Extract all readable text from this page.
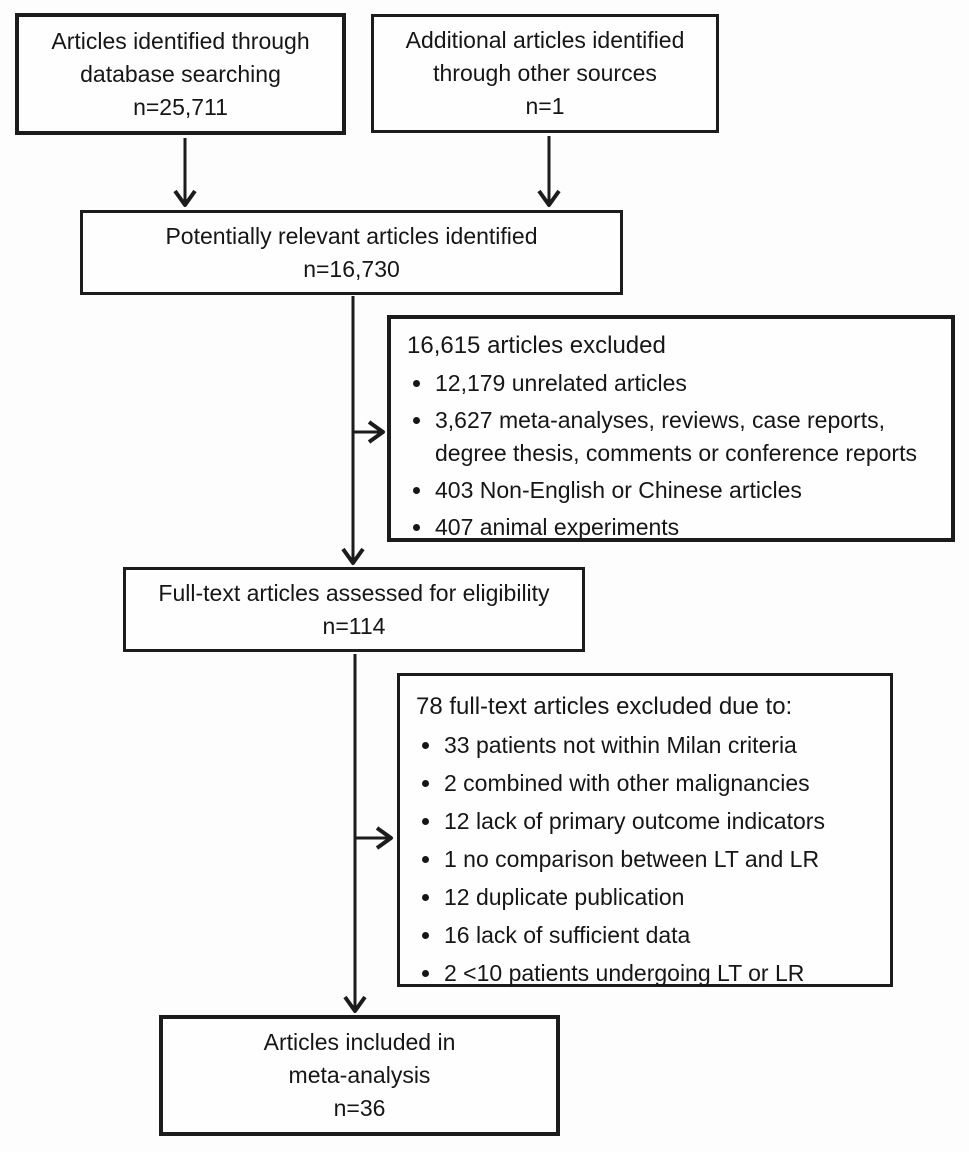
Articles identified through
database searching
n=25,711
Additional articles identified
through other sources
n=1
Potentially relevant articles identified
n=16,730
16,615 articles excluded
• 12,179 unrelated articles
• 3,627 meta-analyses, reviews, case reports, degree thesis, comments or conference reports
• 403 Non-English or Chinese articles
• 407 animal experiments
Full-text articles assessed for eligibility
n=114
78 full-text articles excluded due to:
• 33 patients not within Milan criteria
• 2 combined with other malignancies
• 12 lack of primary outcome indicators
• 1 no comparison between LT and LR
• 12 duplicate publication
• 16 lack of sufficient data
• 2 <10 patients undergoing LT or LR
Articles included in
meta-analysis
n=36
